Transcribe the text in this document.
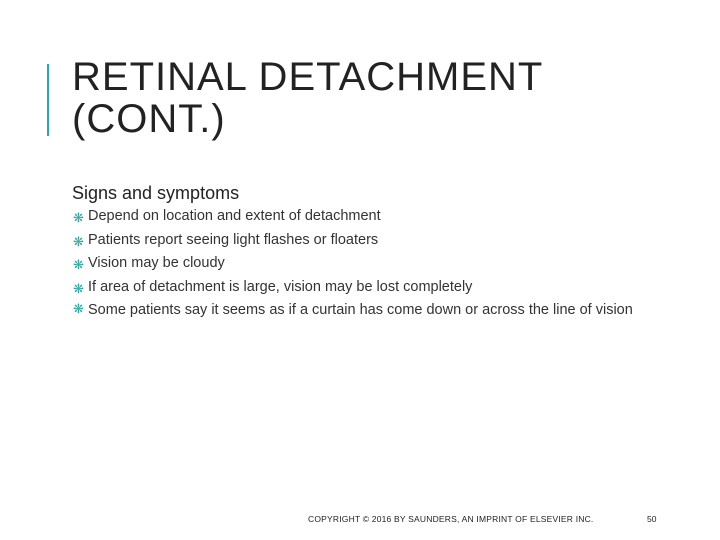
RETINAL DETACHMENT
(CONT.)
Signs and symptoms
❋ Depend on location and extent of detachment
❋ Patients report seeing light flashes or floaters
❋ Vision may be cloudy
❋ If area of detachment is large, vision may be lost completely
❋ Some patients say it seems as if a curtain has come down or across the line of vision
COPYRIGHT © 2016 BY SAUNDERS, AN IMPRINT OF ELSEVIER INC.	50
